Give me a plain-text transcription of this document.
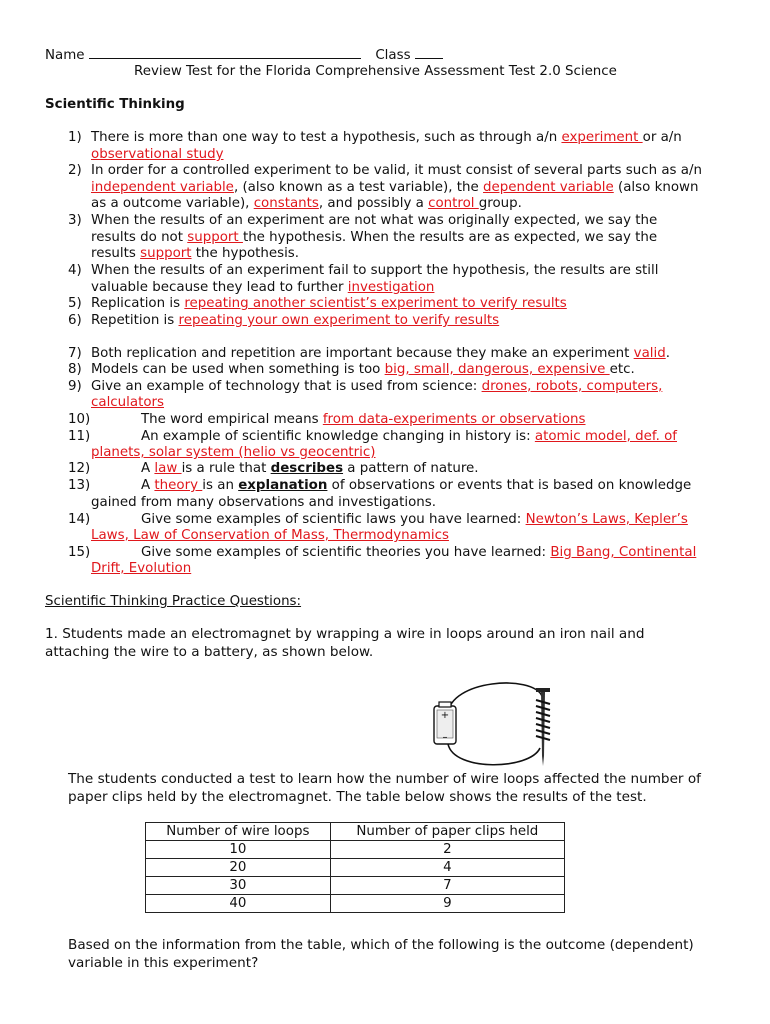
Name	Class
Review Test for the Florida Comprehensive Assessment Test 2.0 Science
Scientific Thinking
1) There is more than one way to test a hypothesis, such as through a/n experiment or a/n
observational study
2) In order for a controlled experiment to be valid, it must consist of several parts such as a/n
independent variable, (also known as a test variable), the dependent variable (also known
as a outcome variable), constants, and possibly a control group.
3) When the results of an experiment are not what was originally expected, we say the
results do not support the hypothesis. When the results are as expected, we say the
results support the hypothesis.
4) When the results of an experiment fail to support the hypothesis, the results are still
valuable because they lead to further investigation
5) Replication is repeating another scientist’s experiment to verify results
6) Repetition is repeating your own experiment to verify results
7) Both replication and repetition are important because they make an experiment valid.
8) Models can be used when something is too big, small, dangerous, expensive etc.
9) Give an example of technology that is used from science: drones, robots, computers,
calculators
10)	The word empirical means from data-experiments or observations
11)	An example of scientific knowledge changing in history is: atomic model, def. of
planets, solar system (helio vs geocentric)
12)	A law is a rule that describes a pattern of nature.
13)	A theory is an explanation of observations or events that is based on knowledge
gained from many observations and investigations.
14)	Give some examples of scientific laws you have learned: Newton’s Laws, Kepler’s
Laws, Law of Conservation of Mass, Thermodynamics
15)	Give some examples of scientific theories you have learned: Big Bang, Continental
Drift, Evolution
Scientific Thinking Practice Questions:
1. Students made an electromagnet by wrapping a wire in loops around an iron nail and
attaching the wire to a battery, as shown below.
+
–
The students conducted a test to learn how the number of wire loops affected the number of
paper clips held by the electromagnet. The table below shows the results of the test.
Number of wire loops	Number of paper clips held
10	2
20	4
30	7
40	9
Based on the information from the table, which of the following is the outcome (dependent)
variable in this experiment?
